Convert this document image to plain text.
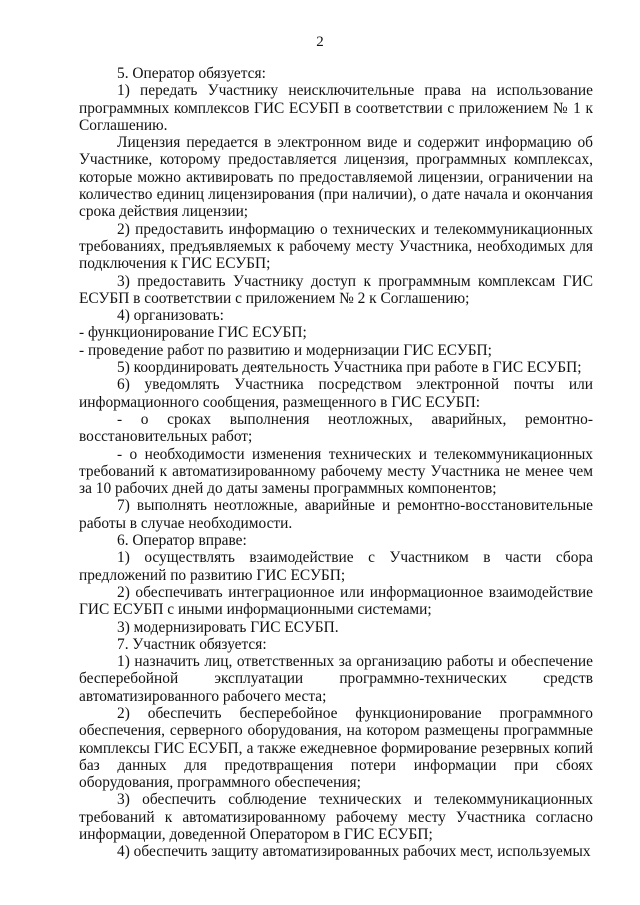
2

5. Оператор обязуется:

1) передать Участнику неисключительные права на использование программных комплексов ГИС ЕСУБП в соответствии с приложением № 1 к Соглашению.

Лицензия передается в электронном виде и содержит информацию об Участнике, которому предоставляется лицензия, программных комплексах, которые можно активировать по предоставляемой лицензии, ограничении на количество единиц лицензирования (при наличии), о дате начала и окончания срока действия лицензии;

2) предоставить информацию о технических и телекоммуникационных требованиях, предъявляемых к рабочему месту Участника, необходимых для подключения к ГИС ЕСУБП;

3) предоставить Участнику доступ к программным комплексам ГИС ЕСУБП в соответствии с приложением № 2 к Соглашению;

4) организовать:

- функционирование ГИС ЕСУБП;

- проведение работ по развитию и модернизации ГИС ЕСУБП;

5) координировать деятельность Участника при работе в ГИС ЕСУБП;

6) уведомлять Участника посредством электронной почты или информационного сообщения, размещенного в ГИС ЕСУБП:

- о сроках выполнения неотложных, аварийных, ремонтно-восстановительных работ;

- о необходимости изменения технических и телекоммуникационных требований к автоматизированному рабочему месту Участника не менее чем за 10 рабочих дней до даты замены программных компонентов;

7) выполнять неотложные, аварийные и ремонтно-восстановительные работы в случае необходимости.

6. Оператор вправе:

1) осуществлять взаимодействие с Участником в части сбора предложений по развитию ГИС ЕСУБП;

2) обеспечивать интеграционное или информационное взаимодействие ГИС ЕСУБП с иными информационными системами;

3) модернизировать ГИС ЕСУБП.

7. Участник обязуется:

1) назначить лиц, ответственных за организацию работы и обеспечение бесперебойной эксплуатации программно-технических средств автоматизированного рабочего места;

2) обеспечить бесперебойное функционирование программного обеспечения, серверного оборудования, на котором размещены программные комплексы ГИС ЕСУБП, а также ежедневное формирование резервных копий баз данных для предотвращения потери информации при сбоях оборудования, программного обеспечения;

3) обеспечить соблюдение технических и телекоммуникационных требований к автоматизированному рабочему месту Участника согласно информации, доведенной Оператором в ГИС ЕСУБП;

4) обеспечить защиту автоматизированных рабочих мест, используемых
